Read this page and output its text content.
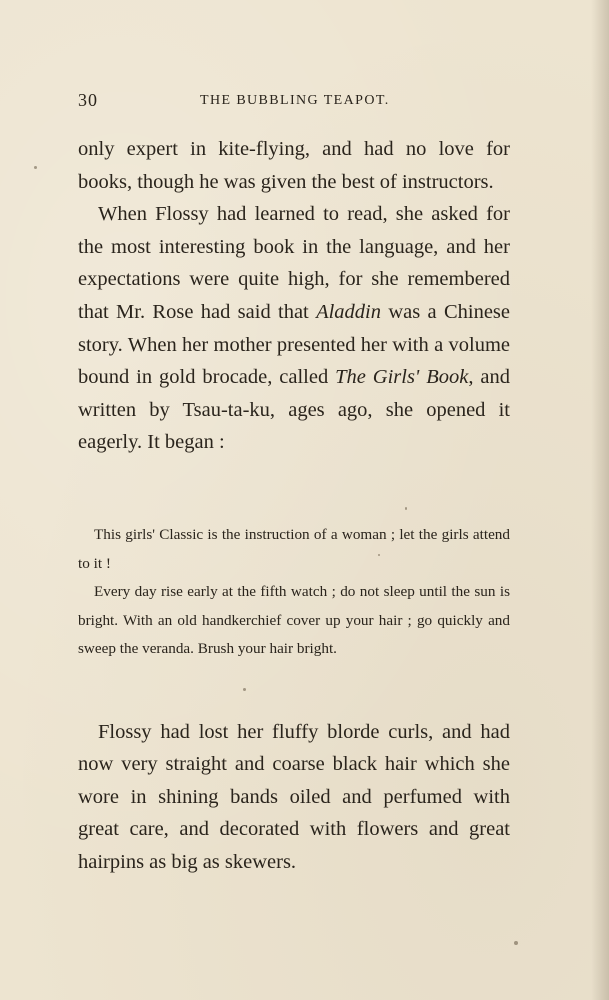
30	THE BUBBLING TEAPOT.

only expert in kite-flying, and had no love for books, though he was given the best of instructors.

When Flossy had learned to read, she asked for the most interesting book in the language, and her expectations were quite high, for she remembered that Mr. Rose had said that Aladdin was a Chinese story. When her mother presented her with a volume bound in gold brocade, called The Girls' Book, and written by Tsau-ta-ku, ages ago, she opened it eagerly. It began :

This girls' Classic is the instruction of a woman ; let the girls attend to it !

Every day rise early at the fifth watch ; do not sleep until the sun is bright. With an old handkerchief cover up your hair ; go quickly and sweep the veranda. Brush your hair bright.

Flossy had lost her fluffy blorde curls, and had now very straight and coarse black hair which she wore in shining bands oiled and perfumed with great care, and decorated with flowers and great hairpins as big as skewers.
